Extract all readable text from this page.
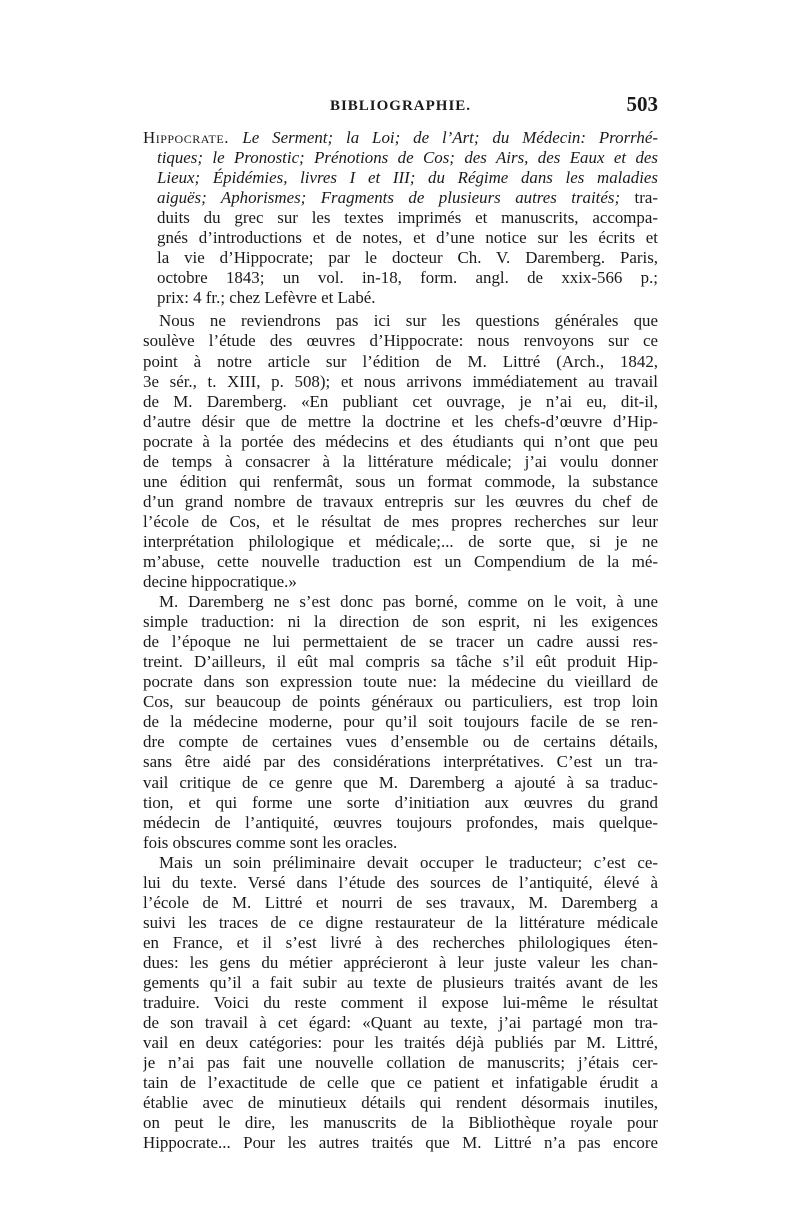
BIBLIOGRAPHIE.	503
Hippocrate. Le Serment; la Loi; de l’Art; du Médecin: Prorrhé-
tiques; le Pronostic; Prénotions de Cos; des Airs, des Eaux et des
Lieux; Épidémies, livres I et III; du Régime dans les maladies
aiguës; Aphorismes; Fragments de plusieurs autres traités; tra-
duits du grec sur les textes imprimés et manuscrits, accompa-
gnés d’introductions et de notes, et d’une notice sur les écrits et
la vie d’Hippocrate; par le docteur Ch. V. Daremberg. Paris,
octobre 1843; un vol. in-18, form. angl. de xxix-566 p.;
prix: 4 fr.; chez Lefèvre et Labé.
Nous ne reviendrons pas ici sur les questions générales que
soulève l’étude des œuvres d’Hippocrate: nous renvoyons sur ce
point à notre article sur l’édition de M. Littré (Arch., 1842,
3e sér., t. XIII, p. 508); et nous arrivons immédiatement au travail
de M. Daremberg. «En publiant cet ouvrage, je n’ai eu, dit-il,
d’autre désir que de mettre la doctrine et les chefs-d’œuvre d’Hip-
pocrate à la portée des médecins et des étudiants qui n’ont que peu
de temps à consacrer à la littérature médicale; j’ai voulu donner
une édition qui renfermât, sous un format commode, la substance
d’un grand nombre de travaux entrepris sur les œuvres du chef de
l’école de Cos, et le résultat de mes propres recherches sur leur
interprétation philologique et médicale;... de sorte que, si je ne
m’abuse, cette nouvelle traduction est un Compendium de la mé-
decine hippocratique.»
M. Daremberg ne s’est donc pas borné, comme on le voit, à une
simple traduction: ni la direction de son esprit, ni les exigences
de l’époque ne lui permettaient de se tracer un cadre aussi res-
treint. D’ailleurs, il eût mal compris sa tâche s’il eût produit Hip-
pocrate dans son expression toute nue: la médecine du vieillard de
Cos, sur beaucoup de points généraux ou particuliers, est trop loin
de la médecine moderne, pour qu’il soit toujours facile de se ren-
dre compte de certaines vues d’ensemble ou de certains détails,
sans être aidé par des considérations interprétatives. C’est un tra-
vail critique de ce genre que M. Daremberg a ajouté à sa traduc-
tion, et qui forme une sorte d’initiation aux œuvres du grand
médecin de l’antiquité, œuvres toujours profondes, mais quelque-
fois obscures comme sont les oracles.
Mais un soin préliminaire devait occuper le traducteur; c’est ce-
lui du texte. Versé dans l’étude des sources de l’antiquité, élevé à
l’école de M. Littré et nourri de ses travaux, M. Daremberg a
suivi les traces de ce digne restaurateur de la littérature médicale
en France, et il s’est livré à des recherches philologiques éten-
dues: les gens du métier apprécieront à leur juste valeur les chan-
gements qu’il a fait subir au texte de plusieurs traités avant de les
traduire. Voici du reste comment il expose lui-même le résultat
de son travail à cet égard: «Quant au texte, j’ai partagé mon tra-
vail en deux catégories: pour les traités déjà publiés par M. Littré,
je n’ai pas fait une nouvelle collation de manuscrits; j’étais cer-
tain de l’exactitude de celle que ce patient et infatigable érudit a
établie avec de minutieux détails qui rendent désormais inutiles,
on peut le dire, les manuscrits de la Bibliothèque royale pour
Hippocrate... Pour les autres traités que M. Littré n’a pas encore
